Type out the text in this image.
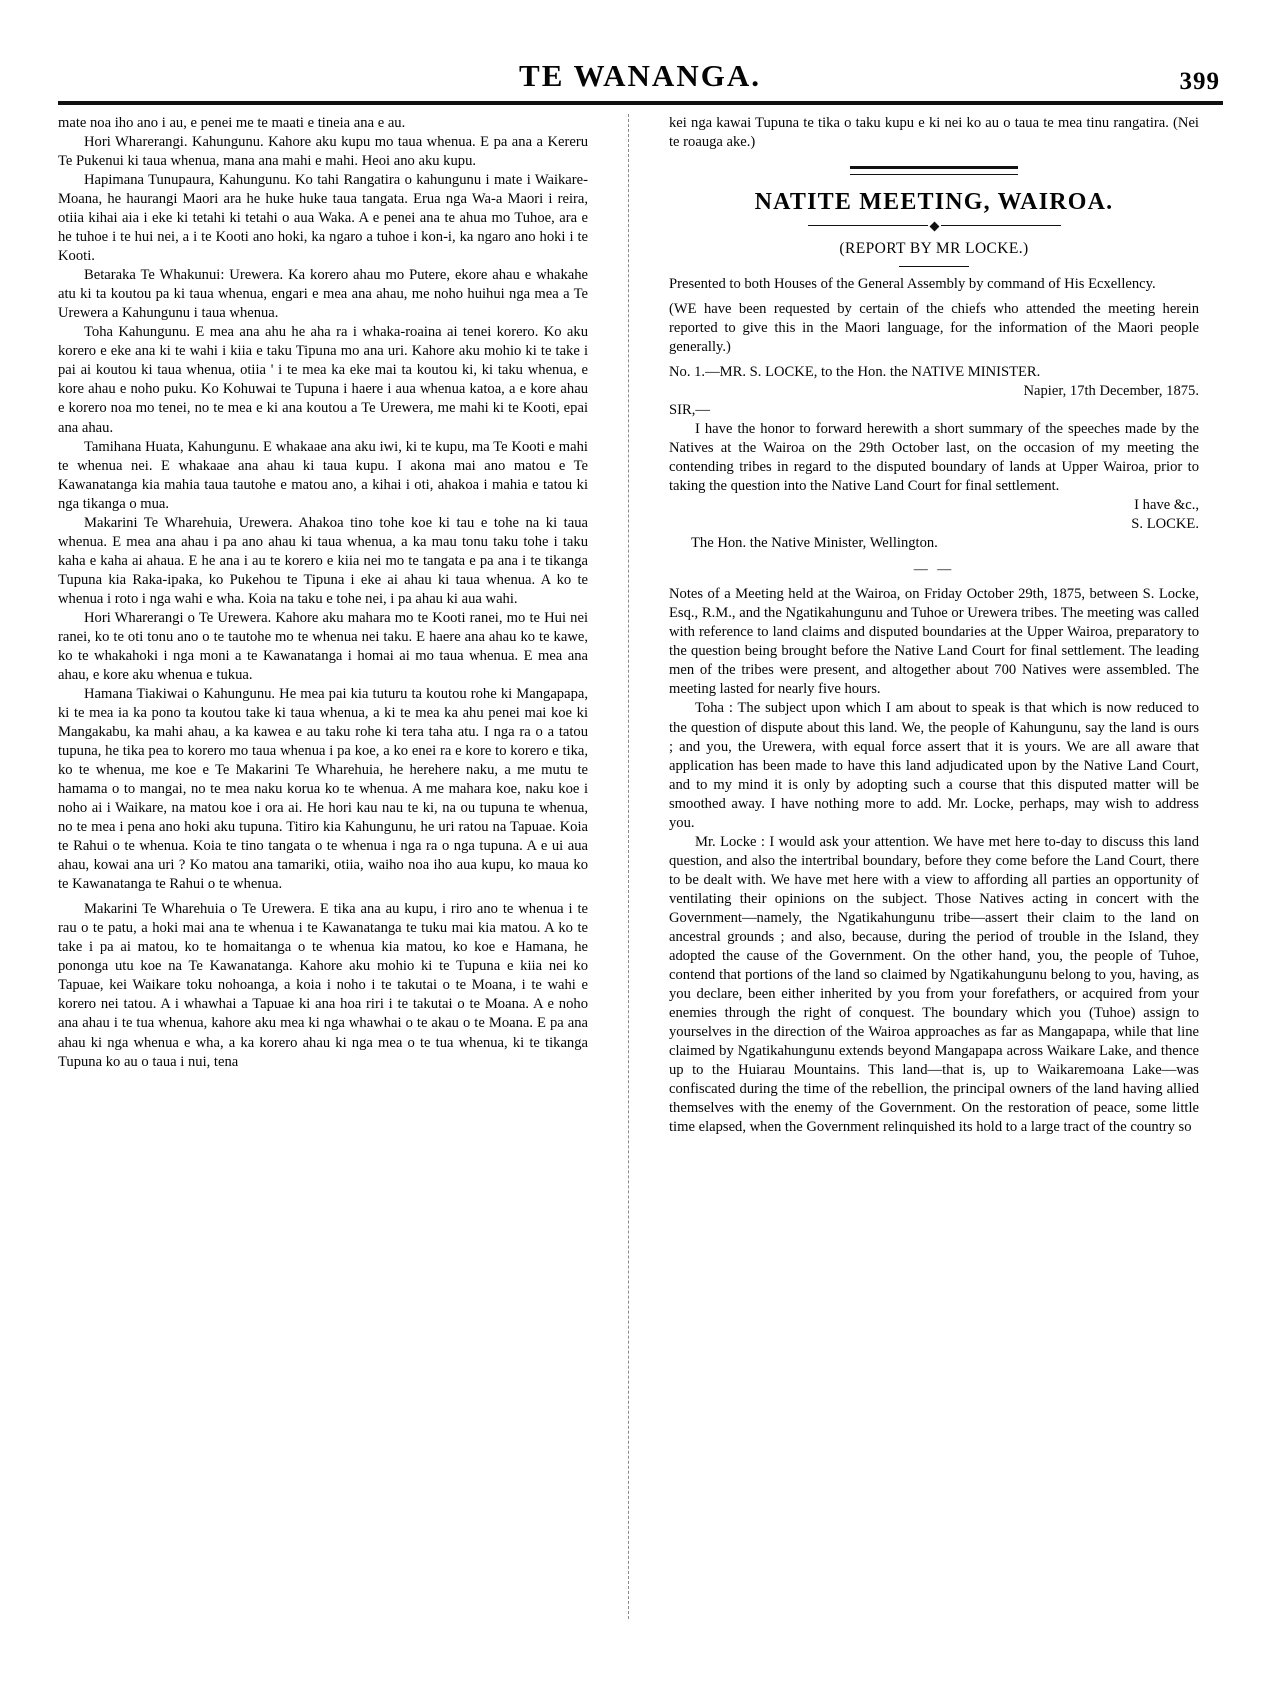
TE WANANGA.	399

mate noa iho ano i au, e penei me te maati e tineia ana e au.

Hori Wharerangi. Kahungunu. Kahore aku kupu mo taua whenua. E pa ana a Kereru Te Pukenui ki taua whenua, mana ana mahi e mahi. Heoi ano aku kupu.

Hapimana Tunupaura, Kahungunu. Ko tahi Rangatira o kahungunu i mate i Waikare-Moana, he haurangi Maori ara he huke huke taua tangata. Erua nga Wa-a Maori i reira, otiia kihai aia i eke ki tetahi ki tetahi o aua Waka. A e penei ana te ahua mo Tuhoe, ara e he tuhoe i te hui nei, a i te Kooti ano hoki, ka ngaro a tuhoe i kon-i, ka ngaro ano hoki i te Kooti.

Betaraka Te Whakunui: Urewera. Ka korero ahau mo Putere, ekore ahau e whakahe atu ki ta koutou pa ki taua whenua, engari e mea ana ahau, me noho huihui nga mea a Te Urewera a Kahungunu i taua whenua.

Toha Kahungunu. E mea ana ahu he aha ra i whaka-roaina ai tenei korero. Ko aku korero e eke ana ki te wahi i kiia e taku Tipuna mo ana uri. Kahore aku mohio ki te take i pai ai koutou ki taua whenua, otiia ' i te mea ka eke mai ta koutou ki, ki taku whenua, e kore ahau e noho puku. Ko Kohuwai te Tupuna i haere i aua whenua katoa, a e kore ahau e korero noa mo tenei, no te mea e ki ana koutou a Te Urewera, me mahi ki te Kooti, epai ana ahau.

Tamihana Huata, Kahungunu. E whakaae ana aku iwi, ki te kupu, ma Te Kooti e mahi te whenua nei. E whakaae ana ahau ki taua kupu. I akona mai ano matou e Te Kawanatanga kia mahia taua tautohe e matou ano, a kihai i oti, ahakoa i mahia e tatou ki nga tikanga o mua.

Makarini Te Wharehuia, Urewera. Ahakoa tino tohe koe ki tau e tohe na ki taua whenua. E mea ana ahau i pa ano ahau ki taua whenua, a ka mau tonu taku tohe i taku kaha e kaha ai ahaua. E he ana i au te korero e kiia nei mo te tangata e pa ana i te tikanga Tupuna kia Raka-ipaka, ko Pukehou te Tipuna i eke ai ahau ki taua whenua. A ko te whenua i roto i nga wahi e wha. Koia na taku e tohe nei, i pa ahau ki aua wahi.

Hori Wharerangi o Te Urewera. Kahore aku mahara mo te Kooti ranei, mo te Hui nei ranei, ko te oti tonu ano o te tautohe mo te whenua nei taku. E haere ana ahau ko te kawe, ko te whakahoki i nga moni a te Kawanatanga i homai ai mo taua whenua. E mea ana ahau, e kore aku whenua e tukua.

Hamana Tiakiwai o Kahungunu. He mea pai kia tuturu ta koutou rohe ki Mangapapa, ki te mea ia ka pono ta koutou take ki taua whenua, a ki te mea ka ahu penei mai koe ki Mangakabu, ka mahi ahau, a ka kawea e au taku rohe ki tera taha atu. I nga ra o a tatou tupuna, he tika pea to korero mo taua whenua i pa koe, a ko enei ra e kore to korero e tika, ko te whenua, me koe e Te Makarini Te Wharehuia, he herehere naku, a me mutu te hamama o to mangai, no te mea naku korua ko te whenua. A me mahara koe, naku koe i noho ai i Waikare, na matou koe i ora ai. He hori kau nau te ki, na ou tupuna te whenua, no te mea i pena ano hoki aku tupuna. Titiro kia Kahungunu, he uri ratou na Tapuae. Koia te Rahui o te whenua. Koia te tino tangata o te whenua i nga ra o nga tupuna. A e ui aua ahau, kowai ana uri ? Ko matou ana tamariki, otiia, waiho noa iho aua kupu, ko maua ko te Kawanatanga te Rahui o te whenua.

Makarini Te Wharehuia o Te Urewera. E tika ana au kupu, i riro ano te whenua i te rau o te patu, a hoki mai ana te whenua i te Kawanatanga te tuku mai kia matou. A ko te take i pa ai matou, ko te homaitanga o te whenua kia matou, ko koe e Hamana, he pononga utu koe na Te Kawanatanga. Kahore aku mohio ki te Tupuna e kiia nei ko Tapuae, kei Waikare toku nohoanga, a koia i noho i te takutai o te Moana, i te wahi e korero nei tatou. A i whawhai a Tapuae ki ana hoa riri i te takutai o te Moana. A e noho ana ahau i te tua whenua, kahore aku mea ki nga whawhai o te akau o te Moana. E pa ana ahau ki nga whenua e wha, a ka korero ahau ki nga mea o te tua whenua, ki te tikanga Tupuna ko au o taua i nui, tena

kei nga kawai Tupuna te tika o taku kupu e ki nei ko au o taua te mea tinu rangatira. (Nei te roauga ake.)

NATITE MEETING, WAIROA.

(REPORT BY MR LOCKE.)

Presented to both Houses of the General Assembly by command of His Ecxellency.

(WE have been requested by certain of the chiefs who attended the meeting herein reported to give this in the Maori language, for the information of the Maori people generally.)

No. 1.—MR. S. LOCKE, to the Hon. the NATIVE MINISTER.

Napier, 17th December, 1875.

SIR,—

I have the honor to forward herewith a short summary of the speeches made by the Natives at the Wairoa on the 29th October last, on the occasion of my meeting the contending tribes in regard to the disputed boundary of lands at Upper Wairoa, prior to taking the question into the Native Land Court for final settlement.

I have &c.,

S. LOCKE.

The Hon. the Native Minister, Wellington.

— —

Notes of a Meeting held at the Wairoa, on Friday October 29th, 1875, between S. Locke, Esq., R.M., and the Ngatikahungunu and Tuhoe or Urewera tribes. The meeting was called with reference to land claims and disputed boundaries at the Upper Wairoa, preparatory to the question being brought before the Native Land Court for final settlement. The leading men of the tribes were present, and altogether about 700 Natives were assembled. The meeting lasted for nearly five hours.

Toha : The subject upon which I am about to speak is that which is now reduced to the question of dispute about this land. We, the people of Kahungunu, say the land is ours ; and you, the Urewera, with equal force assert that it is yours. We are all aware that application has been made to have this land adjudicated upon by the Native Land Court, and to my mind it is only by adopting such a course that this disputed matter will be smoothed away. I have nothing more to add. Mr. Locke, perhaps, may wish to address you.

Mr. Locke : I would ask your attention. We have met here to-day to discuss this land question, and also the intertribal boundary, before they come before the Land Court, there to be dealt with. We have met here with a view to affording all parties an opportunity of ventilating their opinions on the subject. Those Natives acting in concert with the Government—namely, the Ngatikahungunu tribe—assert their claim to the land on ancestral grounds ; and also, because, during the period of trouble in the Island, they adopted the cause of the Government. On the other hand, you, the people of Tuhoe, contend that portions of the land so claimed by Ngatikahungunu belong to you, having, as you declare, been either inherited by you from your forefathers, or acquired from your enemies through the right of conquest. The boundary which you (Tuhoe) assign to yourselves in the direction of the Wairoa approaches as far as Mangapapa, while that line claimed by Ngatikahungunu extends beyond Mangapapa across Waikare Lake, and thence up to the Huiarau Mountains. This land—that is, up to Waikaremoana Lake—was confiscated during the time of the rebellion, the principal owners of the land having allied themselves with the enemy of the Government. On the restoration of peace, some little time elapsed, when the Government relinquished its hold to a large tract of the country so
